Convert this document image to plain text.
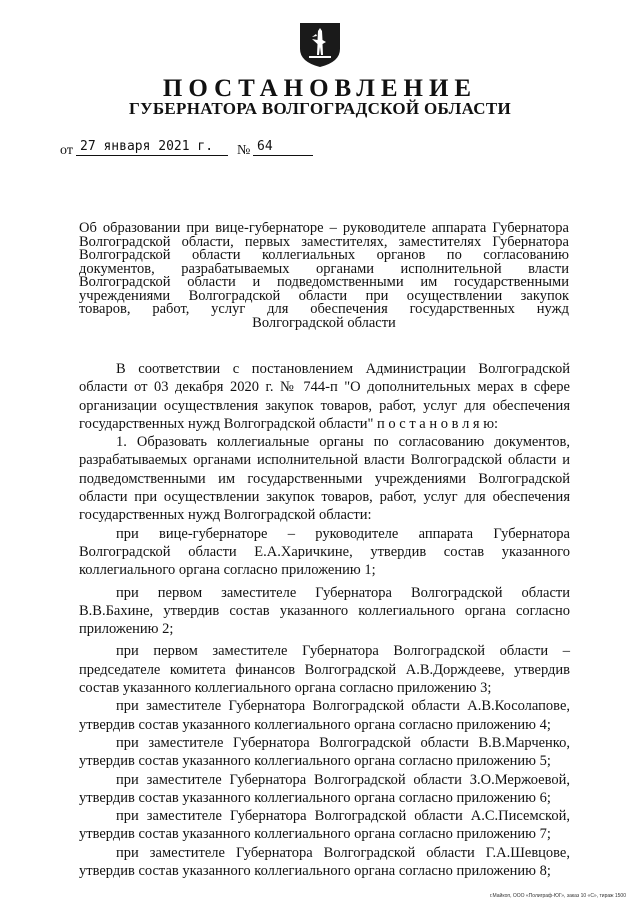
ПОСТАНОВЛЕНИЕ
ГУБЕРНАТОРА ВОЛГОГРАДСКОЙ ОБЛАСТИ
от 27 января 2021 г. № 64
Об образовании при вице-губернаторе – руководителе аппарата Губернатора
Волгоградской области, первых заместителях, заместителях Губернатора
Волгоградской области коллегиальных органов по согласованию
документов, разрабатываемых органами исполнительной власти
Волгоградской области и подведомственными им государственными
учреждениями Волгоградской области при осуществлении закупок
товаров, работ, услуг для обеспечения государственных нужд
Волгоградской области

В соответствии с постановлением Администрации Волгоградской области от 03 декабря 2020 г. № 744-п "О дополнительных мерах в сфере организации осуществления закупок товаров, работ, услуг для обеспечения государственных нужд Волгоградской области" п о с т а н о в л я ю:

1. Образовать коллегиальные органы по согласованию документов, разрабатываемых органами исполнительной власти Волгоградской области и подведомственными им государственными учреждениями Волгоградской области при осуществлении закупок товаров, работ, услуг для обеспечения государственных нужд Волгоградской области:

при вице-губернаторе – руководителе аппарата Губернатора Волгоградской области Е.А.Харичкине, утвердив состав указанного коллегиального органа согласно приложению 1;

при первом заместителе Губернатора Волгоградской области В.В.Бахине, утвердив состав указанного коллегиального органа согласно приложению 2;

при первом заместителе Губернатора Волгоградской области – председателе комитета финансов Волгоградской А.В.Дорждееве, утвердив состав указанного коллегиального органа согласно приложению 3;

при заместителе Губернатора Волгоградской области А.В.Косолапове, утвердив состав указанного коллегиального органа согласно приложению 4;

при заместителе Губернатора Волгоградской области В.В.Марченко, утвердив состав указанного коллегиального органа согласно приложению 5;

при заместителе Губернатора Волгоградской области З.О.Мержоевой, утвердив состав указанного коллегиального органа согласно приложению 6;

при заместителе Губернатора Волгоградской области А.С.Писемской, утвердив состав указанного коллегиального органа согласно приложению 7;

при заместителе Губернатора Волгоградской области Г.А.Шевцове, утвердив состав указанного коллегиального органа согласно приложению 8;

г.Майкоп, ООО «Полиграф-ЮГ», заказ 10 «С», тираж 1500
